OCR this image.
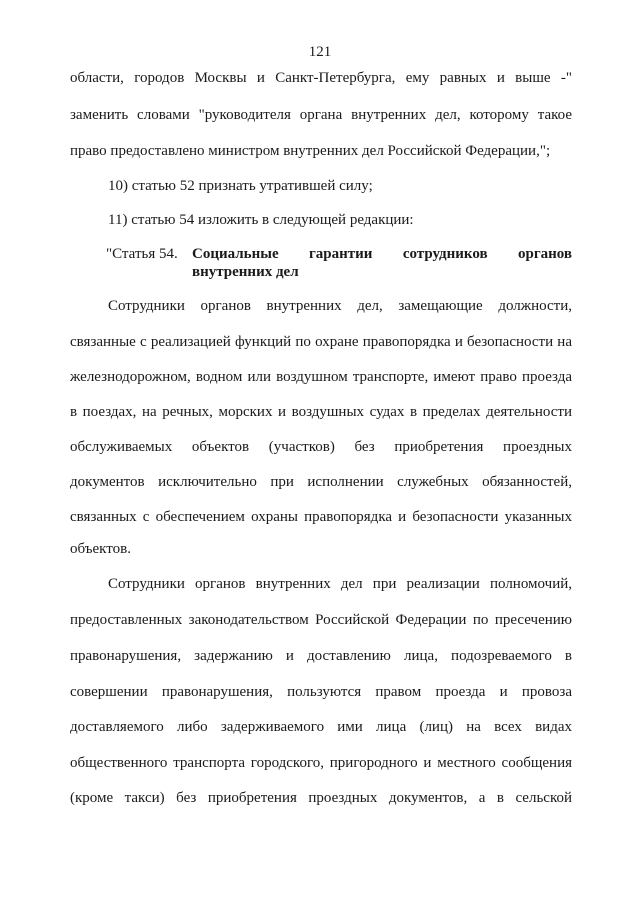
121
области, городов Москвы и Санкт-Петербурга, ему равных и выше -"
заменить словами "руководителя органа внутренних дел, которому такое
право предоставлено министром внутренних дел Российской Федерации,";
10) статью 52 признать утратившей силу;
11) статью 54 изложить в следующей редакции:
"Статья 54. Социальные гарантии сотрудников органов
внутренних дел
Сотрудники органов внутренних дел, замещающие должности,
связанные с реализацией функций по охране правопорядка и безопасности на
железнодорожном, водном или воздушном транспорте, имеют право проезда
в поездах, на речных, морских и воздушных судах в пределах деятельности
обслуживаемых объектов (участков) без приобретения проездных
документов исключительно при исполнении служебных обязанностей,
связанных с обеспечением охраны правопорядка и безопасности указанных
объектов.
Сотрудники органов внутренних дел при реализации полномочий,
предоставленных законодательством Российской Федерации по пресечению
правонарушения, задержанию и доставлению лица, подозреваемого в
совершении правонарушения, пользуются правом проезда и провоза
доставляемого либо задерживаемого ими лица (лиц) на всех видах
общественного транспорта городского, пригородного и местного сообщения
(кроме такси) без приобретения проездных документов, а в сельской
